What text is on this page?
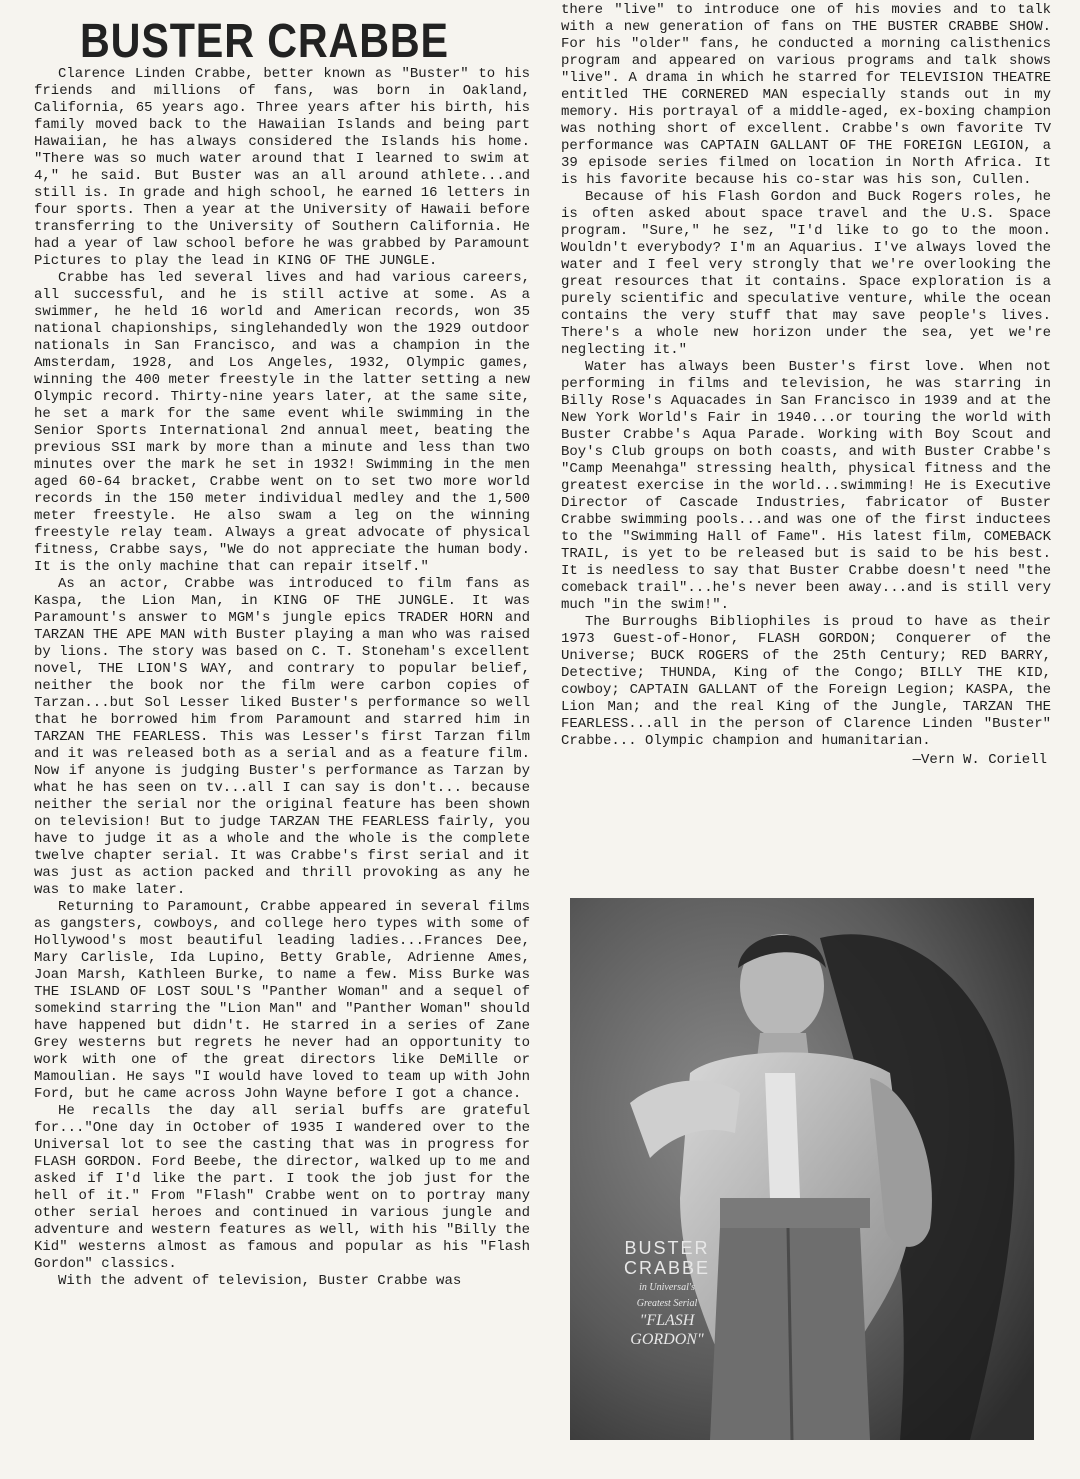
BUSTER CRABBE

Clarence Linden Crabbe, better known as "Buster" to his friends and millions of fans, was born in Oakland, California, 65 years ago. Three years after his birth, his family moved back to the Hawaiian Islands and being part Hawaiian, he has always considered the Islands his home. "There was so much water around that I learned to swim at 4," he said. But Buster was an all around athlete...and still is. In grade and high school, he earned 16 letters in four sports. Then a year at the University of Hawaii before transferring to the University of Southern California. He had a year of law school before he was grabbed by Paramount Pictures to play the lead in KING OF THE JUNGLE.

Crabbe has led several lives and had various careers, all successful, and he is still active at some. As a swimmer, he held 16 world and American records, won 35 national chapionships, singlehandedly won the 1929 outdoor nationals in San Francisco, and was a champion in the Amsterdam, 1928, and Los Angeles, 1932, Olympic games, winning the 400 meter freestyle in the latter setting a new Olympic record. Thirty-nine years later, at the same site, he set a mark for the same event while swimming in the Senior Sports International 2nd annual meet, beating the previous SSI mark by more than a minute and less than two minutes over the mark he set in 1932! Swimming in the men aged 60-64 bracket, Crabbe went on to set two more world records in the 150 meter individual medley and the 1,500 meter freestyle. He also swam a leg on the winning freestyle relay team. Always a great advocate of physical fitness, Crabbe says, "We do not appreciate the human body. It is the only machine that can repair itself."

As an actor, Crabbe was introduced to film fans as Kaspa, the Lion Man, in KING OF THE JUNGLE. It was Paramount's answer to MGM's jungle epics TRADER HORN and TARZAN THE APE MAN with Buster playing a man who was raised by lions. The story was based on C. T. Stoneham's excellent novel, THE LION'S WAY, and contrary to popular belief, neither the book nor the film were carbon copies of Tarzan...but Sol Lesser liked Buster's performance so well that he borrowed him from Paramount and starred him in TARZAN THE FEARLESS. This was Lesser's first Tarzan film and it was released both as a serial and as a feature film. Now if anyone is judging Buster's performance as Tarzan by what he has seen on tv...all I can say is don't... because neither the serial nor the original feature has been shown on television! But to judge TARZAN THE FEARLESS fairly, you have to judge it as a whole and the whole is the complete twelve chapter serial. It was Crabbe's first serial and it was just as action packed and thrill provoking as any he was to make later.

Returning to Paramount, Crabbe appeared in several films as gangsters, cowboys, and college hero types with some of Hollywood's most beautiful leading ladies...Frances Dee, Mary Carlisle, Ida Lupino, Betty Grable, Adrienne Ames, Joan Marsh, Kathleen Burke, to name a few. Miss Burke was THE ISLAND OF LOST SOUL'S "Panther Woman" and a sequel of somekind starring the "Lion Man" and "Panther Woman" should have happened but didn't. He starred in a series of Zane Grey westerns but regrets he never had an opportunity to work with one of the great directors like DeMille or Mamoulian. He says "I would have loved to team up with John Ford, but he came across John Wayne before I got a chance.

He recalls the day all serial buffs are grateful for..."One day in October of 1935 I wandered over to the Universal lot to see the casting that was in progress for FLASH GORDON. Ford Beebe, the director, walked up to me and asked if I'd like the part. I took the job just for the hell of it." From "Flash" Crabbe went on to portray many other serial heroes and continued in various jungle and adventure and western features as well, with his "Billy the Kid" westerns almost as famous and popular as his "Flash Gordon" classics.

With the advent of television, Buster Crabbe was

there "live" to introduce one of his movies and to talk with a new generation of fans on THE BUSTER CRABBE SHOW. For his "older" fans, he conducted a morning calisthenics program and appeared on various programs and talk shows "live". A drama in which he starred for TELEVISION THEATRE entitled THE CORNERED MAN especially stands out in my memory. His portrayal of a middle-aged, ex-boxing champion was nothing short of excellent. Crabbe's own favorite TV performance was CAPTAIN GALLANT OF THE FOREIGN LEGION, a 39 episode series filmed on location in North Africa. It is his favorite because his co-star was his son, Cullen.

Because of his Flash Gordon and Buck Rogers roles, he is often asked about space travel and the U.S. Space program. "Sure," he sez, "I'd like to go to the moon. Wouldn't everybody? I'm an Aquarius. I've always loved the water and I feel very strongly that we're overlooking the great resources that it contains. Space exploration is a purely scientific and speculative venture, while the ocean contains the very stuff that may save people's lives. There's a whole new horizon under the sea, yet we're neglecting it."

Water has always been Buster's first love. When not performing in films and television, he was starring in Billy Rose's Aquacades in San Francisco in 1939 and at the New York World's Fair in 1940...or touring the world with Buster Crabbe's Aqua Parade. Working with Boy Scout and Boy's Club groups on both coasts, and with Buster Crabbe's "Camp Meenahga" stressing health, physical fitness and the greatest exercise in the world...swimming! He is Executive Director of Cascade Industries, fabricator of Buster Crabbe swimming pools...and was one of the first inductees to the "Swimming Hall of Fame". His latest film, COMEBACK TRAIL, is yet to be released but is said to be his best. It is needless to say that Buster Crabbe doesn't need "the comeback trail"...he's never been away...and is still very much "in the swim!".

The Burroughs Bibliophiles is proud to have as their 1973 Guest-of-Honor, FLASH GORDON; Conquerer of the Universe; BUCK ROGERS of the 25th Century; RED BARRY, Detective; THUNDA, King of the Congo; BILLY THE KID, cowboy; CAPTAIN GALLANT of the Foreign Legion; KASPA, the Lion Man; and the real King of the Jungle, TARZAN THE FEARLESS...all in the person of Clarence Linden "Buster" Crabbe... Olympic champion and humanitarian.

—Vern W. Coriell
BUSTER
CRABBE
in Universal's
Greatest Serial
"FLASH
GORDON"
